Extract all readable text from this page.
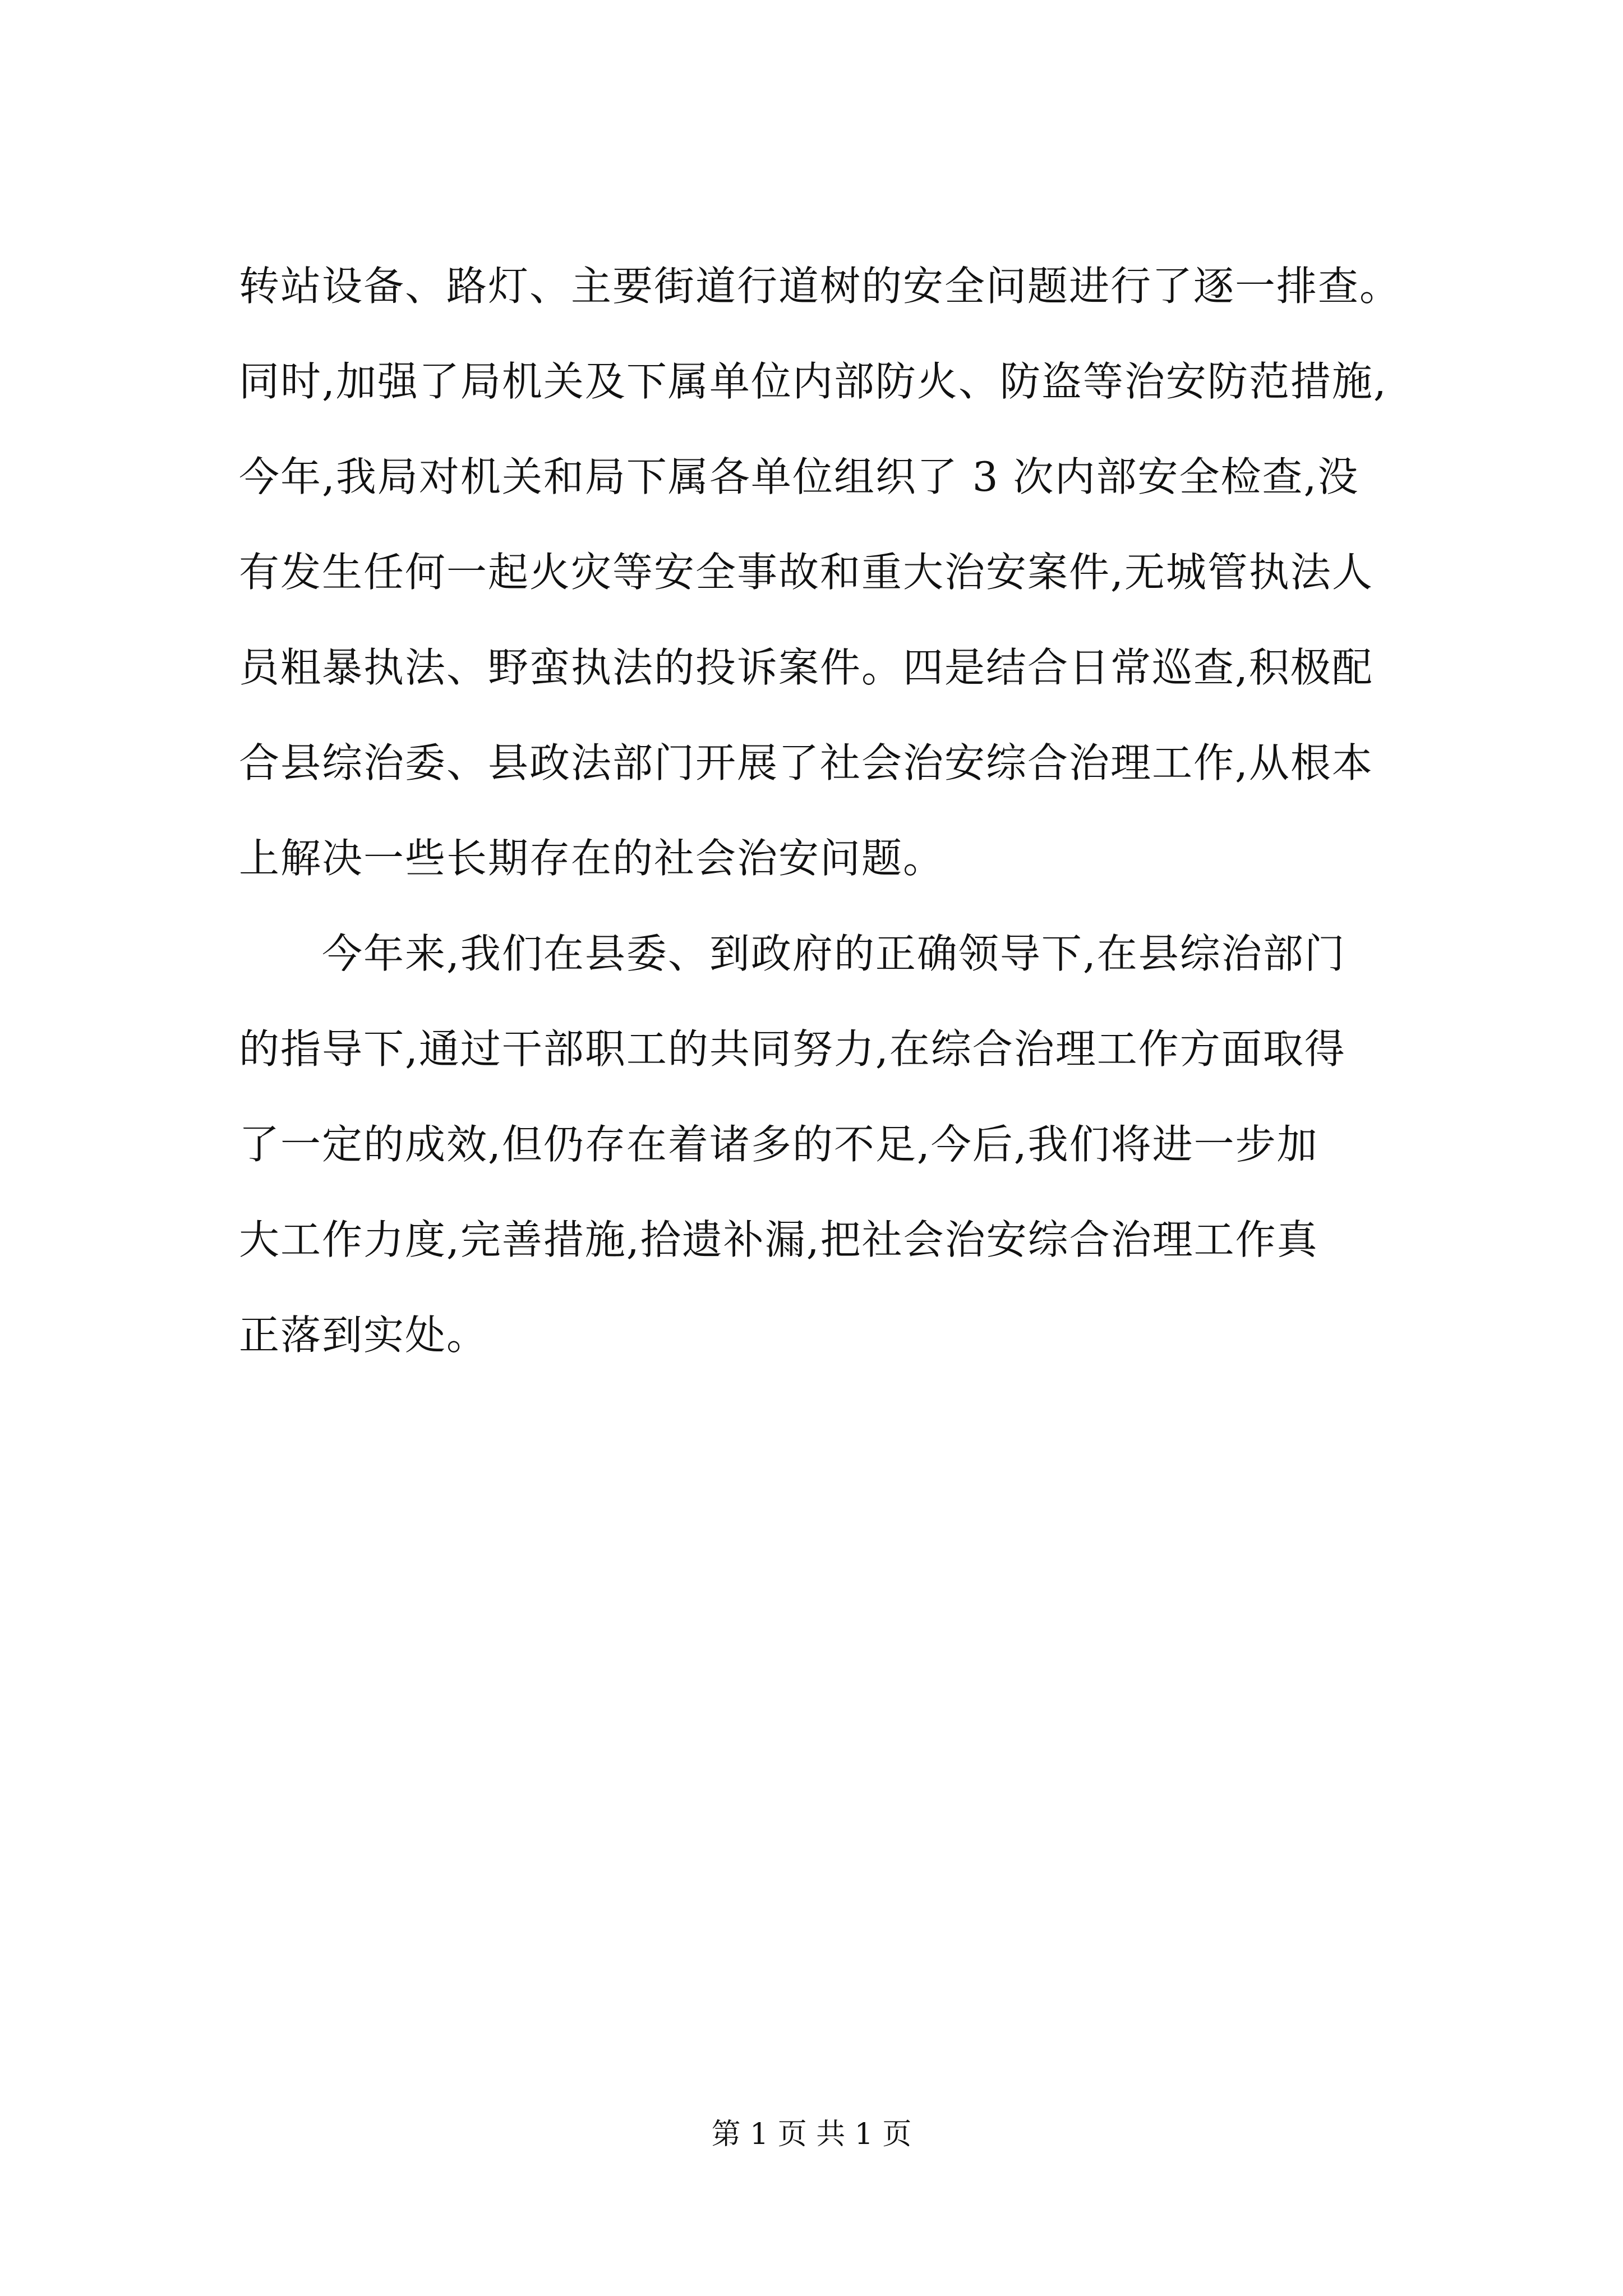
转站设备、路灯、主要街道行道树的安全问题进行了逐一排查。
同时,加强了局机关及下属单位内部防火、防盗等治安防范措施,
今年,我局对机关和局下属各单位组织了 3 次内部安全检查,没
有发生任何一起火灾等安全事故和重大治安案件,无城管执法人
员粗暴执法、野蛮执法的投诉案件。四是结合日常巡查,积极配
合县综治委、县政法部门开展了社会治安综合治理工作,从根本
上解决一些长期存在的社会治安问题。
今年来,我们在县委、到政府的正确领导下,在县综治部门
的指导下,通过干部职工的共同努力,在综合治理工作方面取得
了一定的成效,但仍存在着诸多的不足,今后,我们将进一步加
大工作力度,完善措施,拾遗补漏,把社会治安综合治理工作真
正落到实处。
第 1 页 共 1 页
